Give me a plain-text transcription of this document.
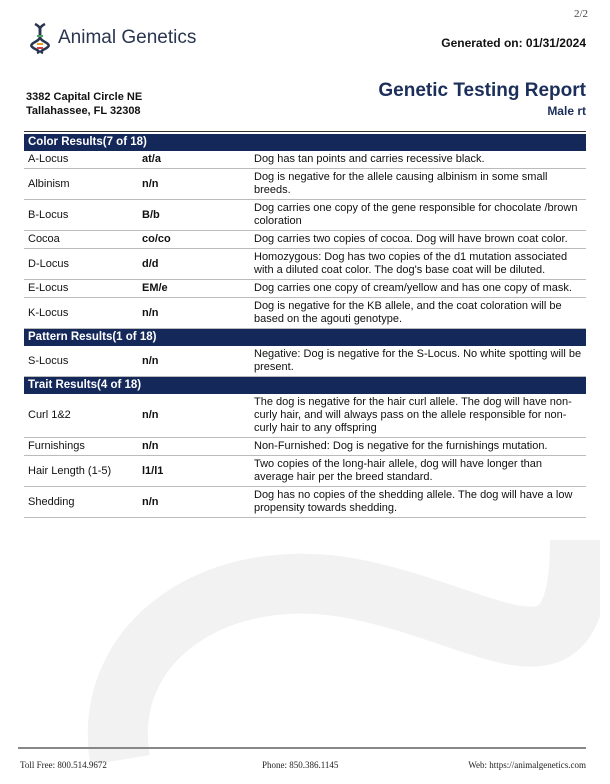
2/2
Animal Genetics	Generated on: 01/31/2024
3382 Capital Circle NE
Tallahassee, FL 32308
Genetic Testing Report
Male rt
Color Results(7 of 18)		
A-Locus	at/a	Dog has tan points and carries recessive black.
Albinism	n/n	Dog is negative for the allele causing albinism in some small breeds.
B-Locus	B/b	Dog carries one copy of the gene responsible for chocolate /brown coloration
Cocoa	co/co	Dog carries two copies of cocoa. Dog will have brown coat color.
D-Locus	d/d	Homozygous: Dog has two copies of the d1 mutation associated with a diluted coat color. The dog's base coat will be diluted.
E-Locus	EM/e	Dog carries one copy of cream/yellow and has one copy of mask.
K-Locus	n/n	Dog is negative for the KB allele, and the coat coloration will be based on the agouti genotype.
Pattern Results(1 of 18)		
S-Locus	n/n	Negative: Dog is negative for the S-Locus. No white spotting will be present.
Trait Results(4 of 18)		
Curl 1&2	n/n	The dog is negative for the hair curl allele. The dog will have non-curly hair, and will always pass on the allele responsible for non-curly hair to any offspring
Furnishings	n/n	Non-Furnished: Dog is negative for the furnishings mutation.
Hair Length (1-5)	l1/l1	Two copies of the long-hair allele, dog will have longer than average hair per the breed standard.
Shedding	n/n	Dog has no copies of the shedding allele. The dog will have a low propensity towards shedding.
Toll Free: 800.514.9672	Phone: 850.386.1145	Web: https://animalgenetics.com
